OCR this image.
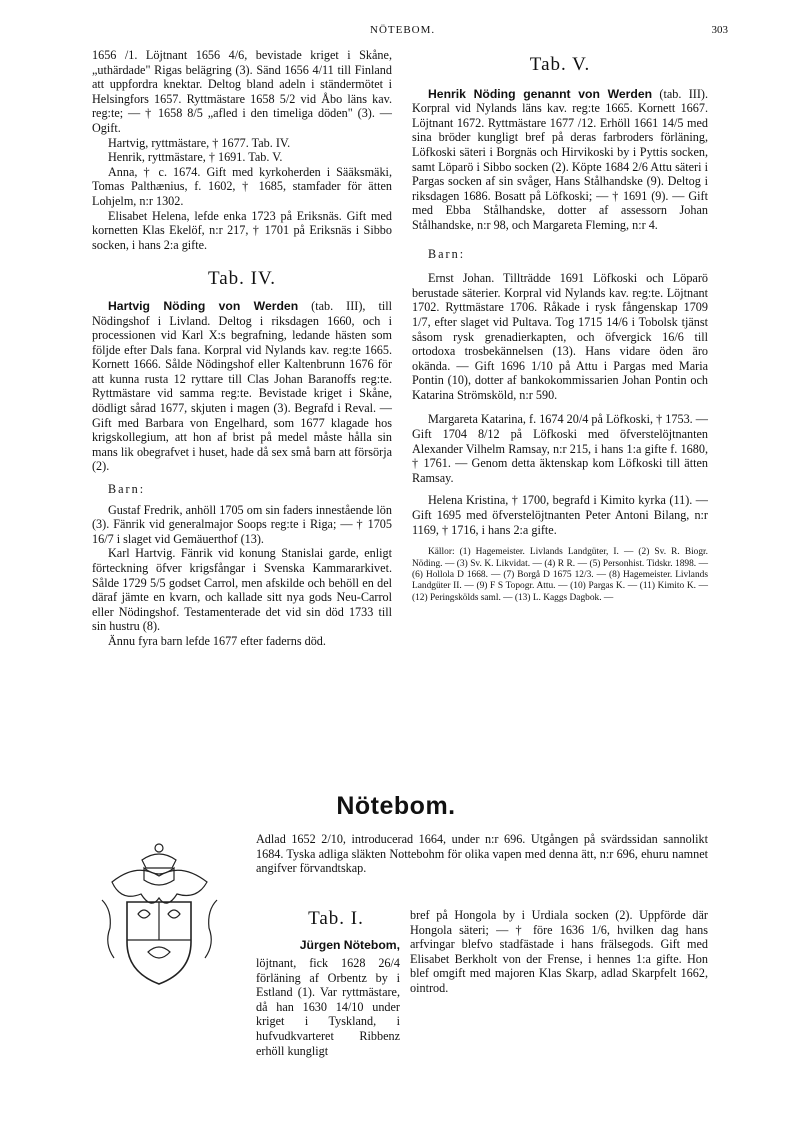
NÖTEBOM.	303

1656 /1. Löjtnant 1656 4/6, bevistade kriget i Skåne, „uthärdade" Rigas belägring (3). Sänd 1656 4/11 till Finland att uppfordra knektar. Deltog bland adeln i ständermötet i Helsingfors 1657. Ryttmästare 1658 5/2 vid Åbo läns kav. reg:te; — † 1658 8/5 „afled i den timeliga döden" (3). — Ogift.

Hartvig, ryttmästare, † 1677. Tab. IV.

Henrik, ryttmästare, † 1691. Tab. V.

Anna, † c. 1674. Gift med kyrkoherden i Sääksmäki, Tomas Palthænius, f. 1602, † 1685, stamfader för ätten Lohjelm, n:r 1302.

Elisabet Helena, lefde enka 1723 på Eriksnäs. Gift med kornetten Klas Ekelöf, n:r 217, † 1701 på Eriksnäs i Sibbo socken, i hans 2:a gifte.

Tab. IV.

Hartvig Nöding von Werden (tab. III), till Nödingshof i Livland. Deltog i riksdagen 1660, och i processionen vid Karl X:s begrafning, ledande hästen som följde efter Dals fana. Korpral vid Nylands kav. reg:te 1665. Kornett 1666. Sålde Nödingshof eller Kaltenbrunn 1676 för att kunna rusta 12 ryttare till Clas Johan Baranoffs reg:te. Ryttmästare vid samma reg:te. Bevistade kriget i Skåne, dödligt sårad 1677, skjuten i magen (3). Begrafd i Reval. — Gift med Barbara von Engelhard, som 1677 klagade hos krigskollegium, att hon af brist på medel måste hålla sin mans lik obegrafvet i huset, hade då sex små barn att försörja (2).

Barn:

Gustaf Fredrik, anhöll 1705 om sin faders innestående lön (3). Fänrik vid generalmajor Soops reg:te i Riga; — † 1705 16/7 i slaget vid Gemäuerthof (13).

Karl Hartvig. Fänrik vid konung Stanislai garde, enligt förteckning öfver krigsfångar i Svenska Kammararkivet. Sålde 1729 5/5 godset Carrol, men afskilde och behöll en del däraf jämte en kvarn, och kallade sitt nya gods Neu-Carrol eller Nödingshof. Testamenterade det vid sin död 1733 till sin hustru (8).

Ännu fyra barn lefde 1677 efter faderns död.

Tab. V.

Henrik Nöding genannt von Werden (tab. III). Korpral vid Nylands läns kav. reg:te 1665. Kornett 1667. Löjtnant 1672. Ryttmästare 1677 /12. Erhöll 1661 14/5 med sina bröder kungligt bref på deras farbroders förläning, Löfkoski säteri i Borgnäs och Hirvikoski by i Pyttis socken, samt Löparö i Sibbo socken (2). Köpte 1684 2/6 Attu säteri i Pargas socken af sin svåger, Hans Stålhandske (9). Deltog i riksdagen 1686. Bosatt på Löfkoski; — † 1691 (9). — Gift med Ebba Stålhandske, dotter af assessorn Johan Stålhandske, n:r 98, och Margareta Fleming, n:r 4.

Barn:

Ernst Johan. Tillträdde 1691 Löfkoski och Löparö berustade säterier. Korpral vid Nylands kav. reg:te. Löjtnant 1702. Ryttmästare 1706. Råkade i rysk fångenskap 1709 1/7, efter slaget vid Pultava. Tog 1715 14/6 i Tobolsk tjänst såsom rysk grenadierkapten, och öfvergick 16/6 till ortodoxa trosbekännelsen (13). Hans vidare öden äro okända. — Gift 1696 1/10 på Attu i Pargas med Maria Pontin (10), dotter af bankokommissarien Johan Pontin och Katarina Strömsköld, n:r 590.

Margareta Katarina, f. 1674 20/4 på Löfkoski, † 1753. — Gift 1704 8/12 på Löfkoski med öfverstelöjtnanten Alexander Vilhelm Ramsay, n:r 215, i hans 1:a gifte f. 1680, † 1761. — Genom detta äktenskap kom Löfkoski till ätten Ramsay.

Helena Kristina, † 1700, begrafd i Kimito kyrka (11). — Gift 1695 med öfverstelöjtnanten Peter Antoni Bilang, n:r 1169, † 1716, i hans 2:a gifte.

Källor: (1) Hagemeister. Livlands Landgüter, I. — (2) Sv. R. Biogr. Nöding. — (3) Sv. K. Likvidat. — (4) R R. — (5) Personhist. Tidskr. 1898. — (6) Hollola D 1668. — (7) Borgå D 1675 12/3. — (8) Hagemeister. Livlands Landgüter II. — (9) F S Topogr. Attu. — (10) Pargas K. — (11) Kimito K. — (12) Peringskölds saml. — (13) L. Kaggs Dagbok. —

Nötebom.
Adlad 1652 2/10, introducerad 1664, under n:r 696. Utgången på svärdssidan sannolikt 1684. Tyska adliga släkten Nottebohm för olika vapen med denna ätt, n:r 696, ehuru namnet angifver förvandtskap.
Tab. I.
Jürgen Nötebom,

löjtnant, fick 1628 26/4 förläning af Orbentz by i Estland (1). Var ryttmästare, då han 1630 14/10 under kriget i Tyskland, i hufvudkvarteret Ribbenz erhöll kungligt

bref på Hongola by i Urdiala socken (2). Uppförde där Hongola säteri; — † före 1636 1/6, hvilken dag hans arfvingar blefvo stadfästade i hans frälsegods. Gift med Elisabet Berkholt von der Frense, i hennes 1:a gifte. Hon blef omgift med majoren Klas Skarp, adlad Skarpfelt 1662, ointrod.
